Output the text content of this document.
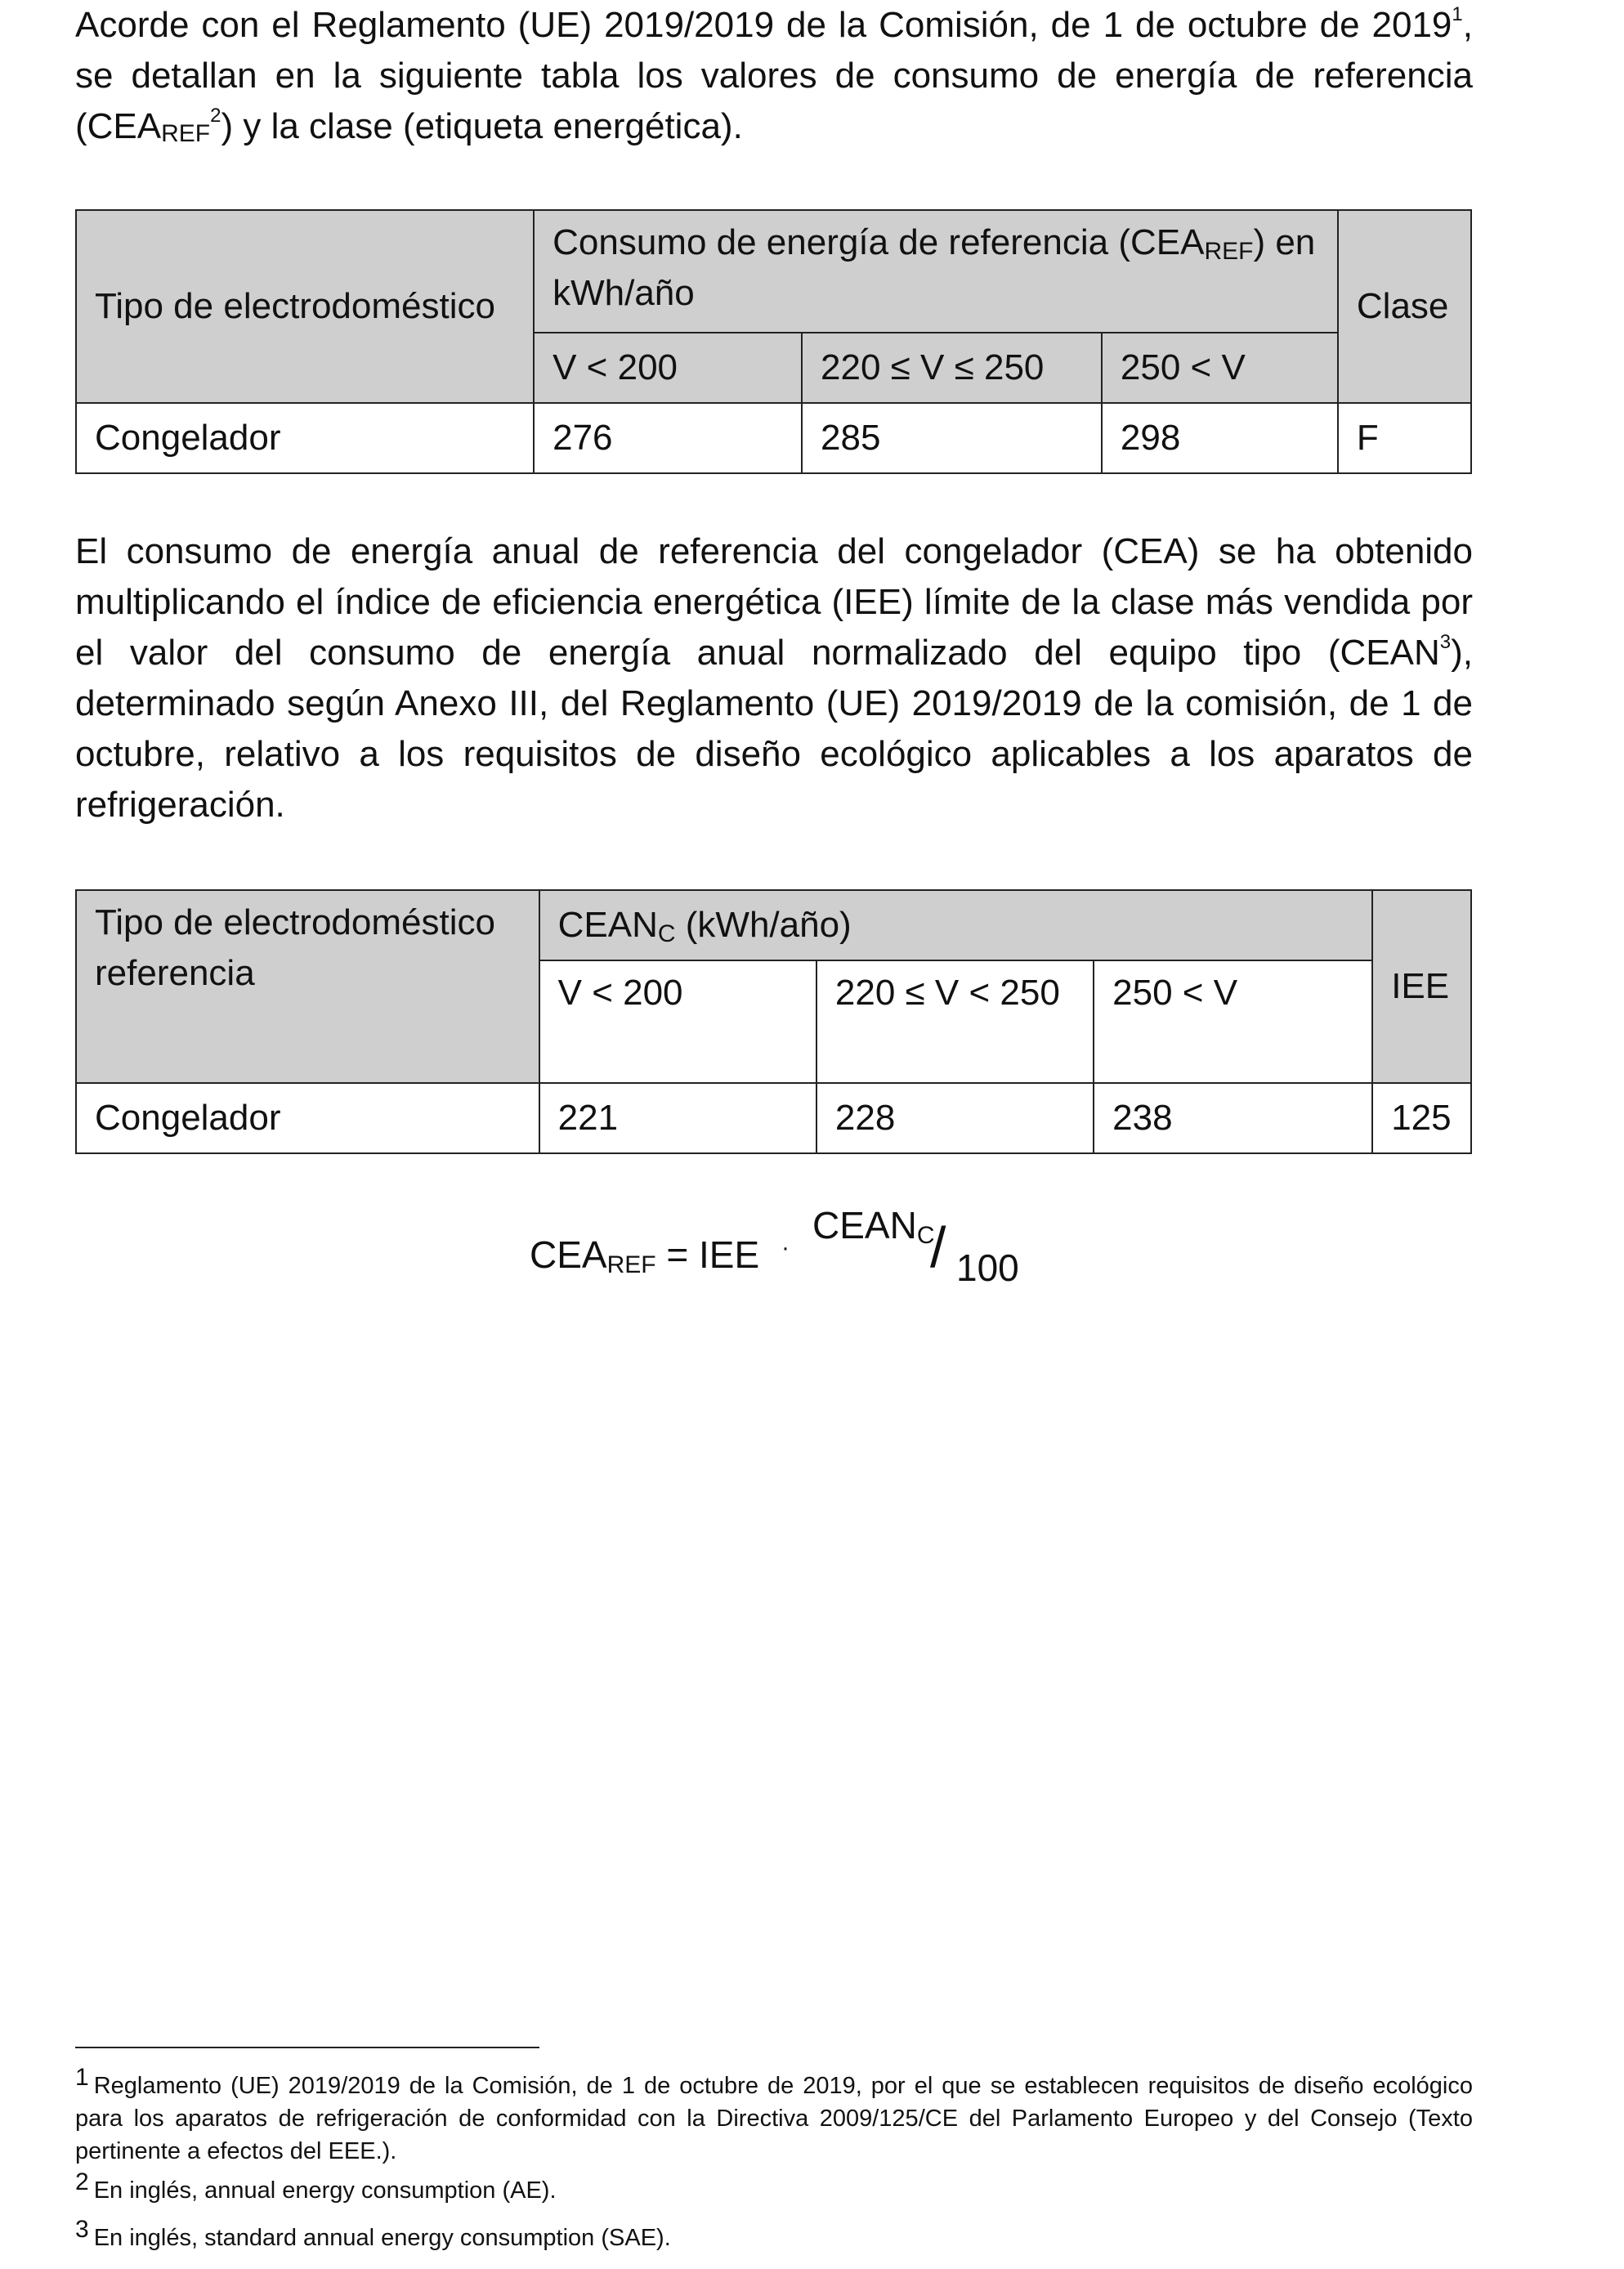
Acorde con el Reglamento (UE) 2019/2019 de la Comisión, de 1 de octubre de 2019$^1$, se detallan en la siguiente tabla los valores de consumo de energía de referencia $(CEA_{REF}^2)$ y la clase (etiqueta energética).

Tipo de electrodoméstico	Consumo de energía de referencia $(CEA_{REF})$ en kWh/año			Clase
	V < 200	220 ≤ V ≤ 250	250 < V	
Congelador	276	285	298	F

El consumo de energía anual de referencia del congelador (CEA) se ha obtenido multiplicando el índice de eficiencia energética (IEE) límite de la clase más vendida por el valor del consumo de energía anual normalizado del equipo tipo (CEAN$^3$), determinado según Anexo III, del Reglamento (UE) 2019/2019 de la comisión, de 1 de octubre, relativo a los requisitos de diseño ecológico aplicables a los aparatos de refrigeración.

Tipo de electrodoméstico referencia	$CEAN_C$ (kWh/año)			IEE
	V < 200	220 ≤ V < 250	250 < V	
Congelador	221	228	238	125
$CEA_{REF}$ = IEE ·
$CEAN_C$
/ 100

1 Reglamento (UE) 2019/2019 de la Comisión, de 1 de octubre de 2019, por el que se establecen requisitos de diseño ecológico para los aparatos de refrigeración de conformidad con la Directiva 2009/125/CE del Parlamento Europeo y del Consejo (Texto pertinente a efectos del EEE.).

2 En inglés, annual energy consumption (AE).

3 En inglés, standard annual energy consumption (SAE).
